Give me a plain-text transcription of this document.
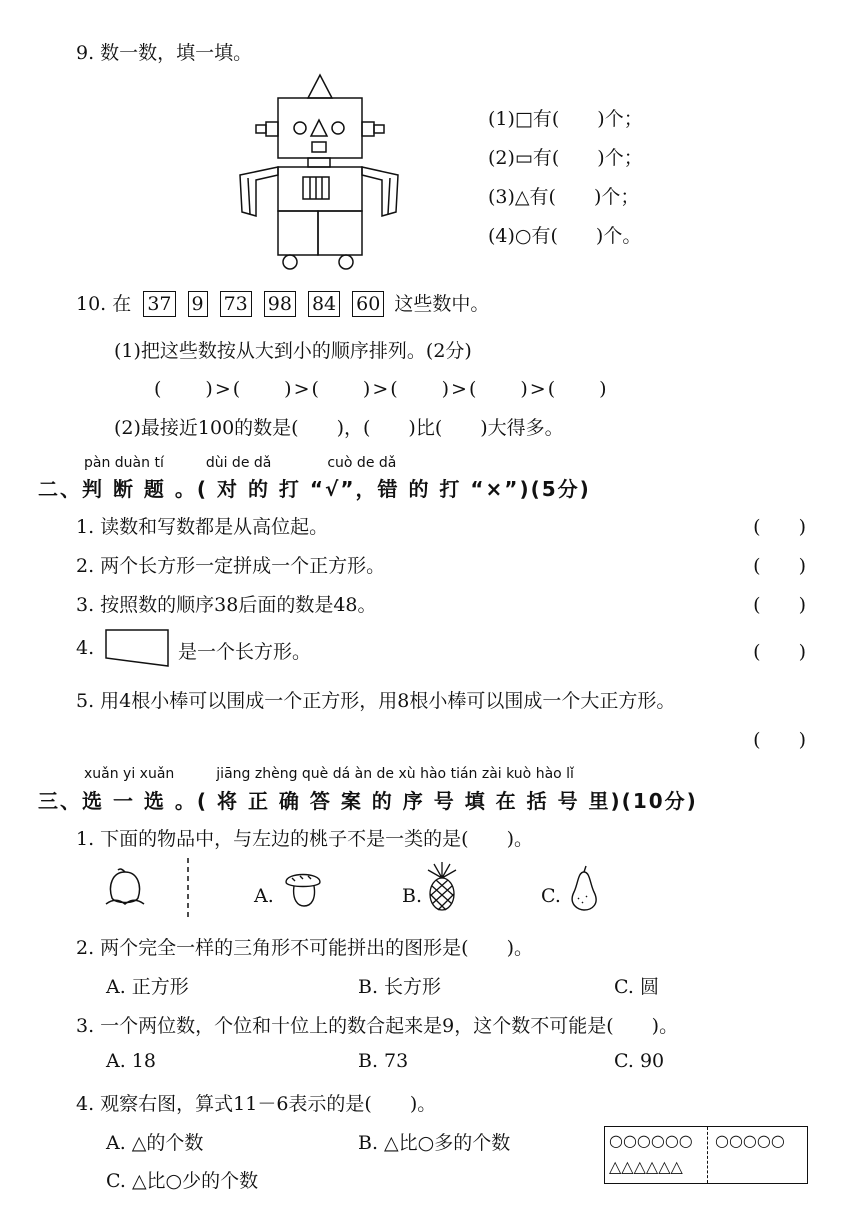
9. 数一数，填一填。
(1)□有(　　)个；
(2)▭有(　　)个；
(3)△有(　　)个；
(4)○有(　　)个。
10. 在 37 9 73 98 84 60 这些数中。
(1)把这些数按从大到小的顺序排列。(2分)
(　　)>(　　)>(　　)>(　　)>(　　)>(　　)
(2)最接近100的数是(　　)，(　　)比(　　)大得多。
pàn duàn tí　　　dùi de dǎ　　　　cuò de dǎ
二、判 断 题 。( 对 的 打 “√”，错 的 打 “×”)(5分)
1. 读数和写数都是从高位起。	(　　)
2. 两个长方形一定拼成一个正方形。	(　　)
3. 按照数的顺序38后面的数是48。	(　　)
4.	是一个长方形。	(　　)
5. 用4根小棒可以围成一个正方形，用8根小棒可以围成一个大正方形。
(　　)
xuǎn yi xuǎn　　　jiāng zhèng què dá àn de xù hào tián zài kuò hào lǐ
三、选 一 选 。( 将 正 确 答 案 的 序 号 填 在 括 号 里)(10分)
1. 下面的物品中，与左边的桃子不是一类的是(　　)。
A.	B.	C.
2. 两个完全一样的三角形不可能拼出的图形是(　　)。
A. 正方形	B. 长方形	C. 圆
3. 一个两位数，个位和十位上的数合起来是9，这个数不可能是(　　)。
A. 18	B. 73	C. 90
4. 观察右图，算式11－6表示的是(　　)。
A. △的个数	B. △比○多的个数
C. △比○少的个数
○○○○○○
△△△△△△
○○○○○
